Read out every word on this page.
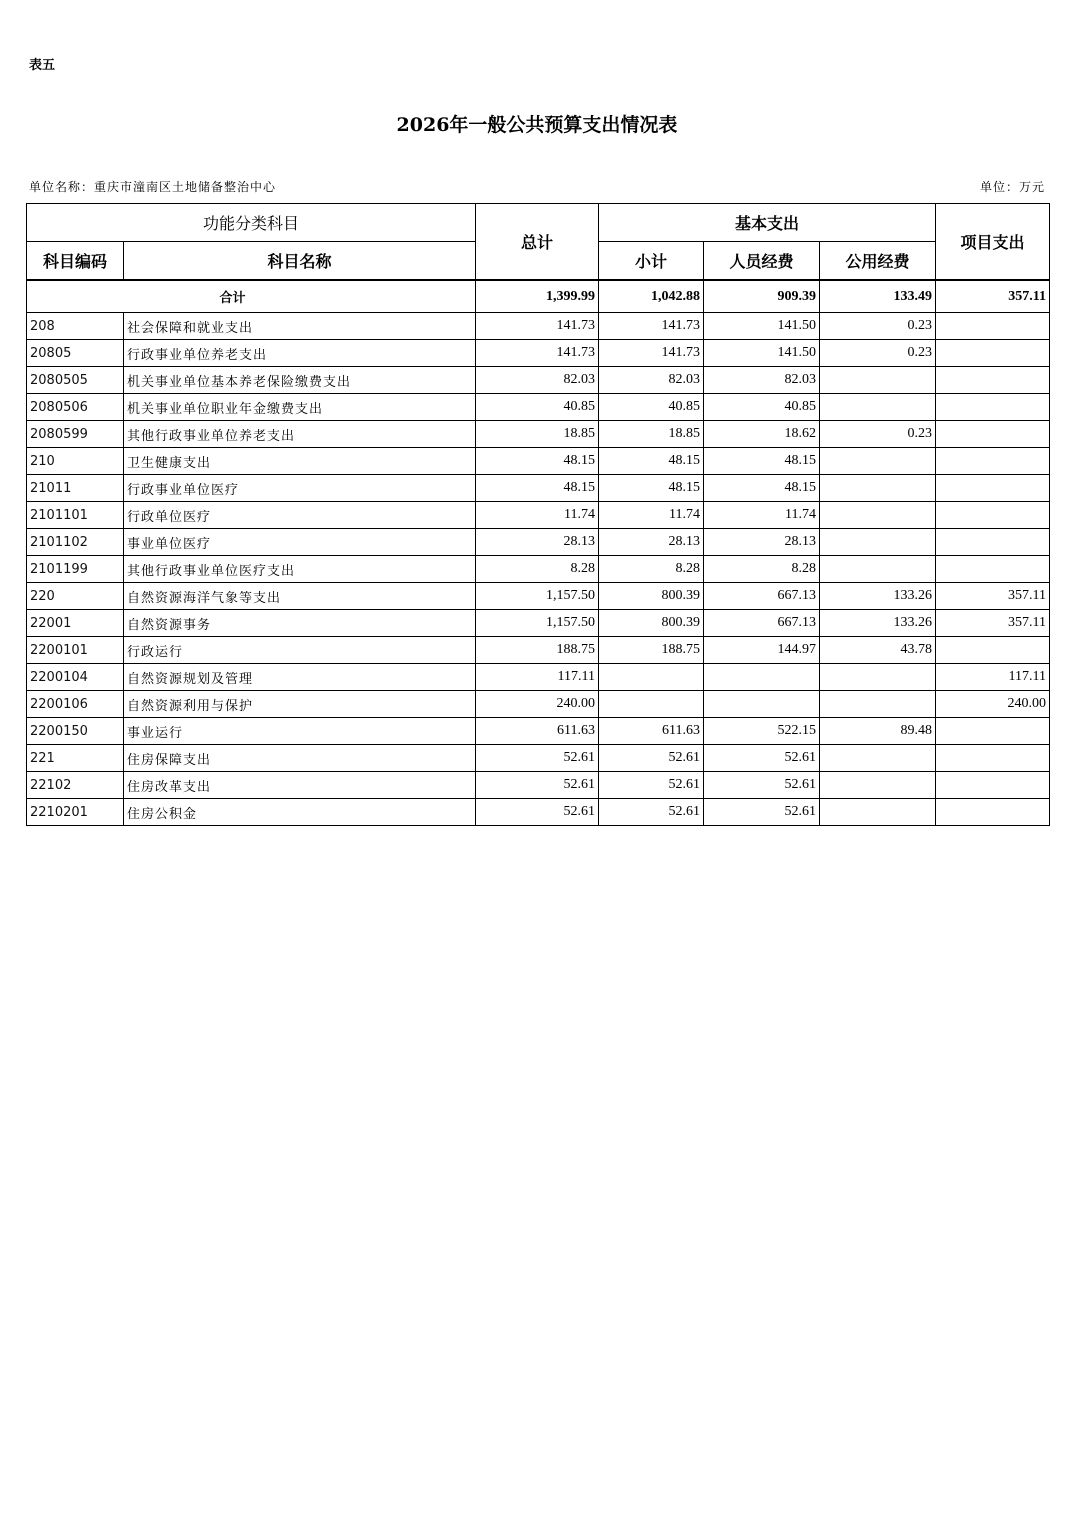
表五
2026年一般公共预算支出情况表
单位名称：重庆市潼南区土地储备整治中心	单位：万元
功能分类科目		总计	基本支出			项目支出
科目编码	科目名称		小计	人员经费	公用经费	
合计		1,399.99	1,042.88	909.39	133.49	357.11
208	社会保障和就业支出	141.73	141.73	141.50	0.23	
20805	行政事业单位养老支出	141.73	141.73	141.50	0.23	
2080505	机关事业单位基本养老保险缴费支出	82.03	82.03	82.03		
2080506	机关事业单位职业年金缴费支出	40.85	40.85	40.85		
2080599	其他行政事业单位养老支出	18.85	18.85	18.62	0.23	
210	卫生健康支出	48.15	48.15	48.15		
21011	行政事业单位医疗	48.15	48.15	48.15		
2101101	行政单位医疗	11.74	11.74	11.74		
2101102	事业单位医疗	28.13	28.13	28.13		
2101199	其他行政事业单位医疗支出	8.28	8.28	8.28		
220	自然资源海洋气象等支出	1,157.50	800.39	667.13	133.26	357.11
22001	自然资源事务	1,157.50	800.39	667.13	133.26	357.11
2200101	行政运行	188.75	188.75	144.97	43.78	
2200104	自然资源规划及管理	117.11				117.11
2200106	自然资源利用与保护	240.00				240.00
2200150	事业运行	611.63	611.63	522.15	89.48	
221	住房保障支出	52.61	52.61	52.61		
22102	住房改革支出	52.61	52.61	52.61		
2210201	住房公积金	52.61	52.61	52.61		
